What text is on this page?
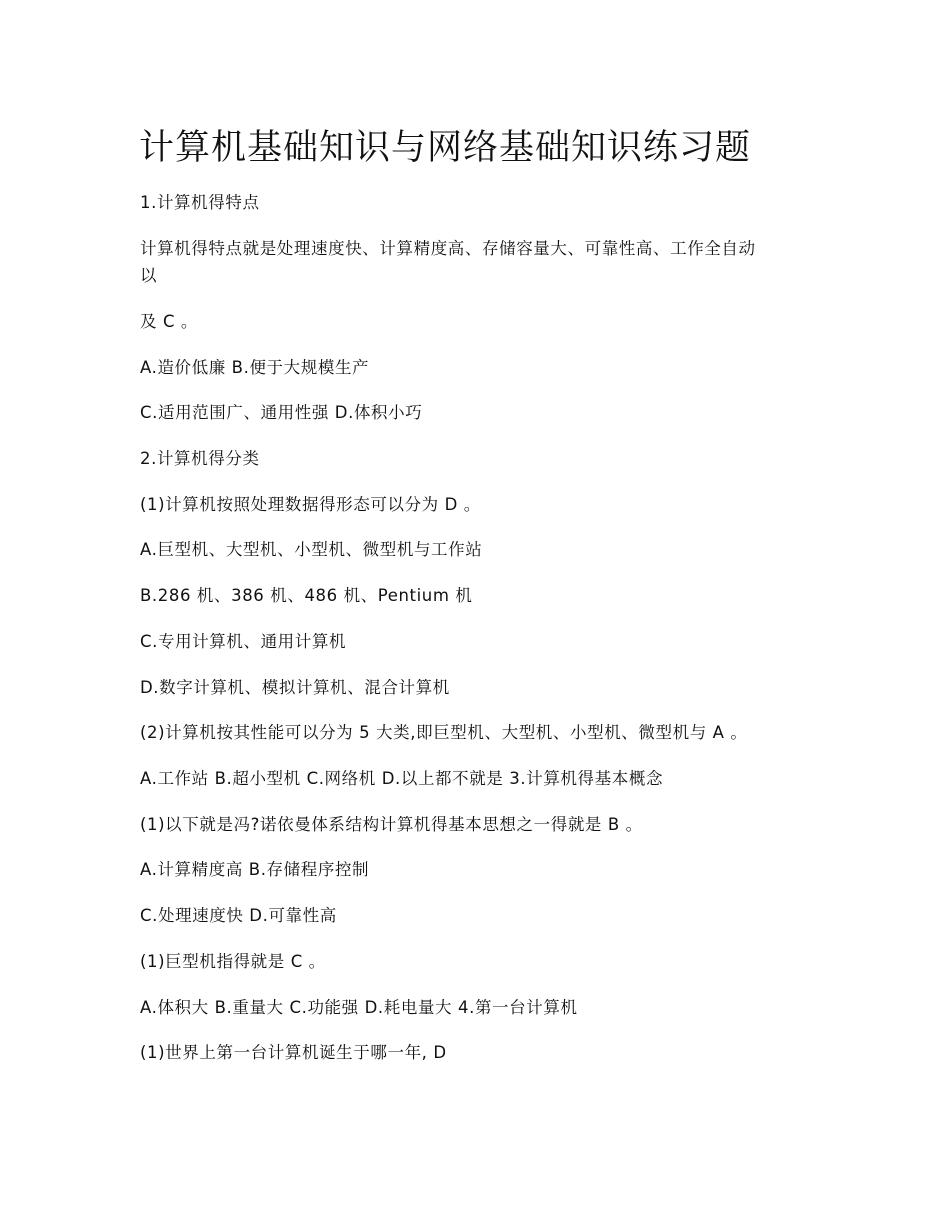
计算机基础知识与网络基础知识练习题

1.计算机得特点

计算机得特点就是处理速度快、计算精度高、存储容量大、可靠性高、工作全自动

以

及 C 。

A.造价低廉 B.便于大规模生产

C.适用范围广、通用性强 D.体积小巧

2.计算机得分类

(1)计算机按照处理数据得形态可以分为 D 。

A.巨型机、大型机、小型机、微型机与工作站

B.286 机、386 机、486 机、Pentium 机

C.专用计算机、通用计算机

D.数字计算机、模拟计算机、混合计算机

(2)计算机按其性能可以分为 5 大类,即巨型机、大型机、小型机、微型机与 A 。

A.工作站 B.超小型机 C.网络机 D.以上都不就是 3.计算机得基本概念

(1)以下就是冯?诺依曼体系结构计算机得基本思想之一得就是 B 。

A.计算精度高 B.存储程序控制

C.处理速度快 D.可靠性高

(1)巨型机指得就是 C 。

A.体积大 B.重量大 C.功能强 D.耗电量大 4.第一台计算机

(1)世界上第一台计算机诞生于哪一年, D
